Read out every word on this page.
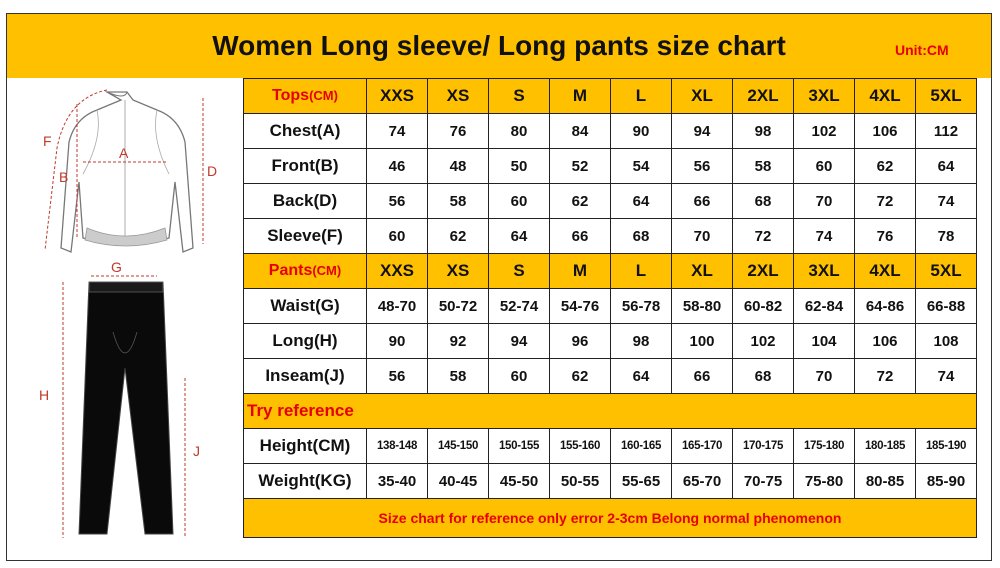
Women Long sleeve/ Long pants size chart	Unit:CM
A
B	D
F
G
H
J
Tops(CM)	XXS	XS	S	M	L	XL	2XL	3XL	4XL	5XL
Chest(A)	74	76	80	84	90	94	98	102	106	112
Front(B)	46	48	50	52	54	56	58	60	62	64
Back(D)	56	58	60	62	64	66	68	70	72	74
Sleeve(F)	60	62	64	66	68	70	72	74	76	78
Pants(CM)	XXS	XS	S	M	L	XL	2XL	3XL	4XL	5XL
Waist(G)	48-70	50-72	52-74	54-76	56-78	58-80	60-82	62-84	64-86	66-88
Long(H)	90	92	94	96	98	100	102	104	106	108
Inseam(J)	56	58	60	62	64	66	68	70	72	74
Try reference										
Height(CM)	138-148	145-150	150-155	155-160	160-165	165-170	170-175	175-180	180-185	185-190
Weight(KG)	35-40	40-45	45-50	50-55	55-65	65-70	70-75	75-80	80-85	85-90
Size chart for reference only error 2-3cm Belong normal phenomenon										
